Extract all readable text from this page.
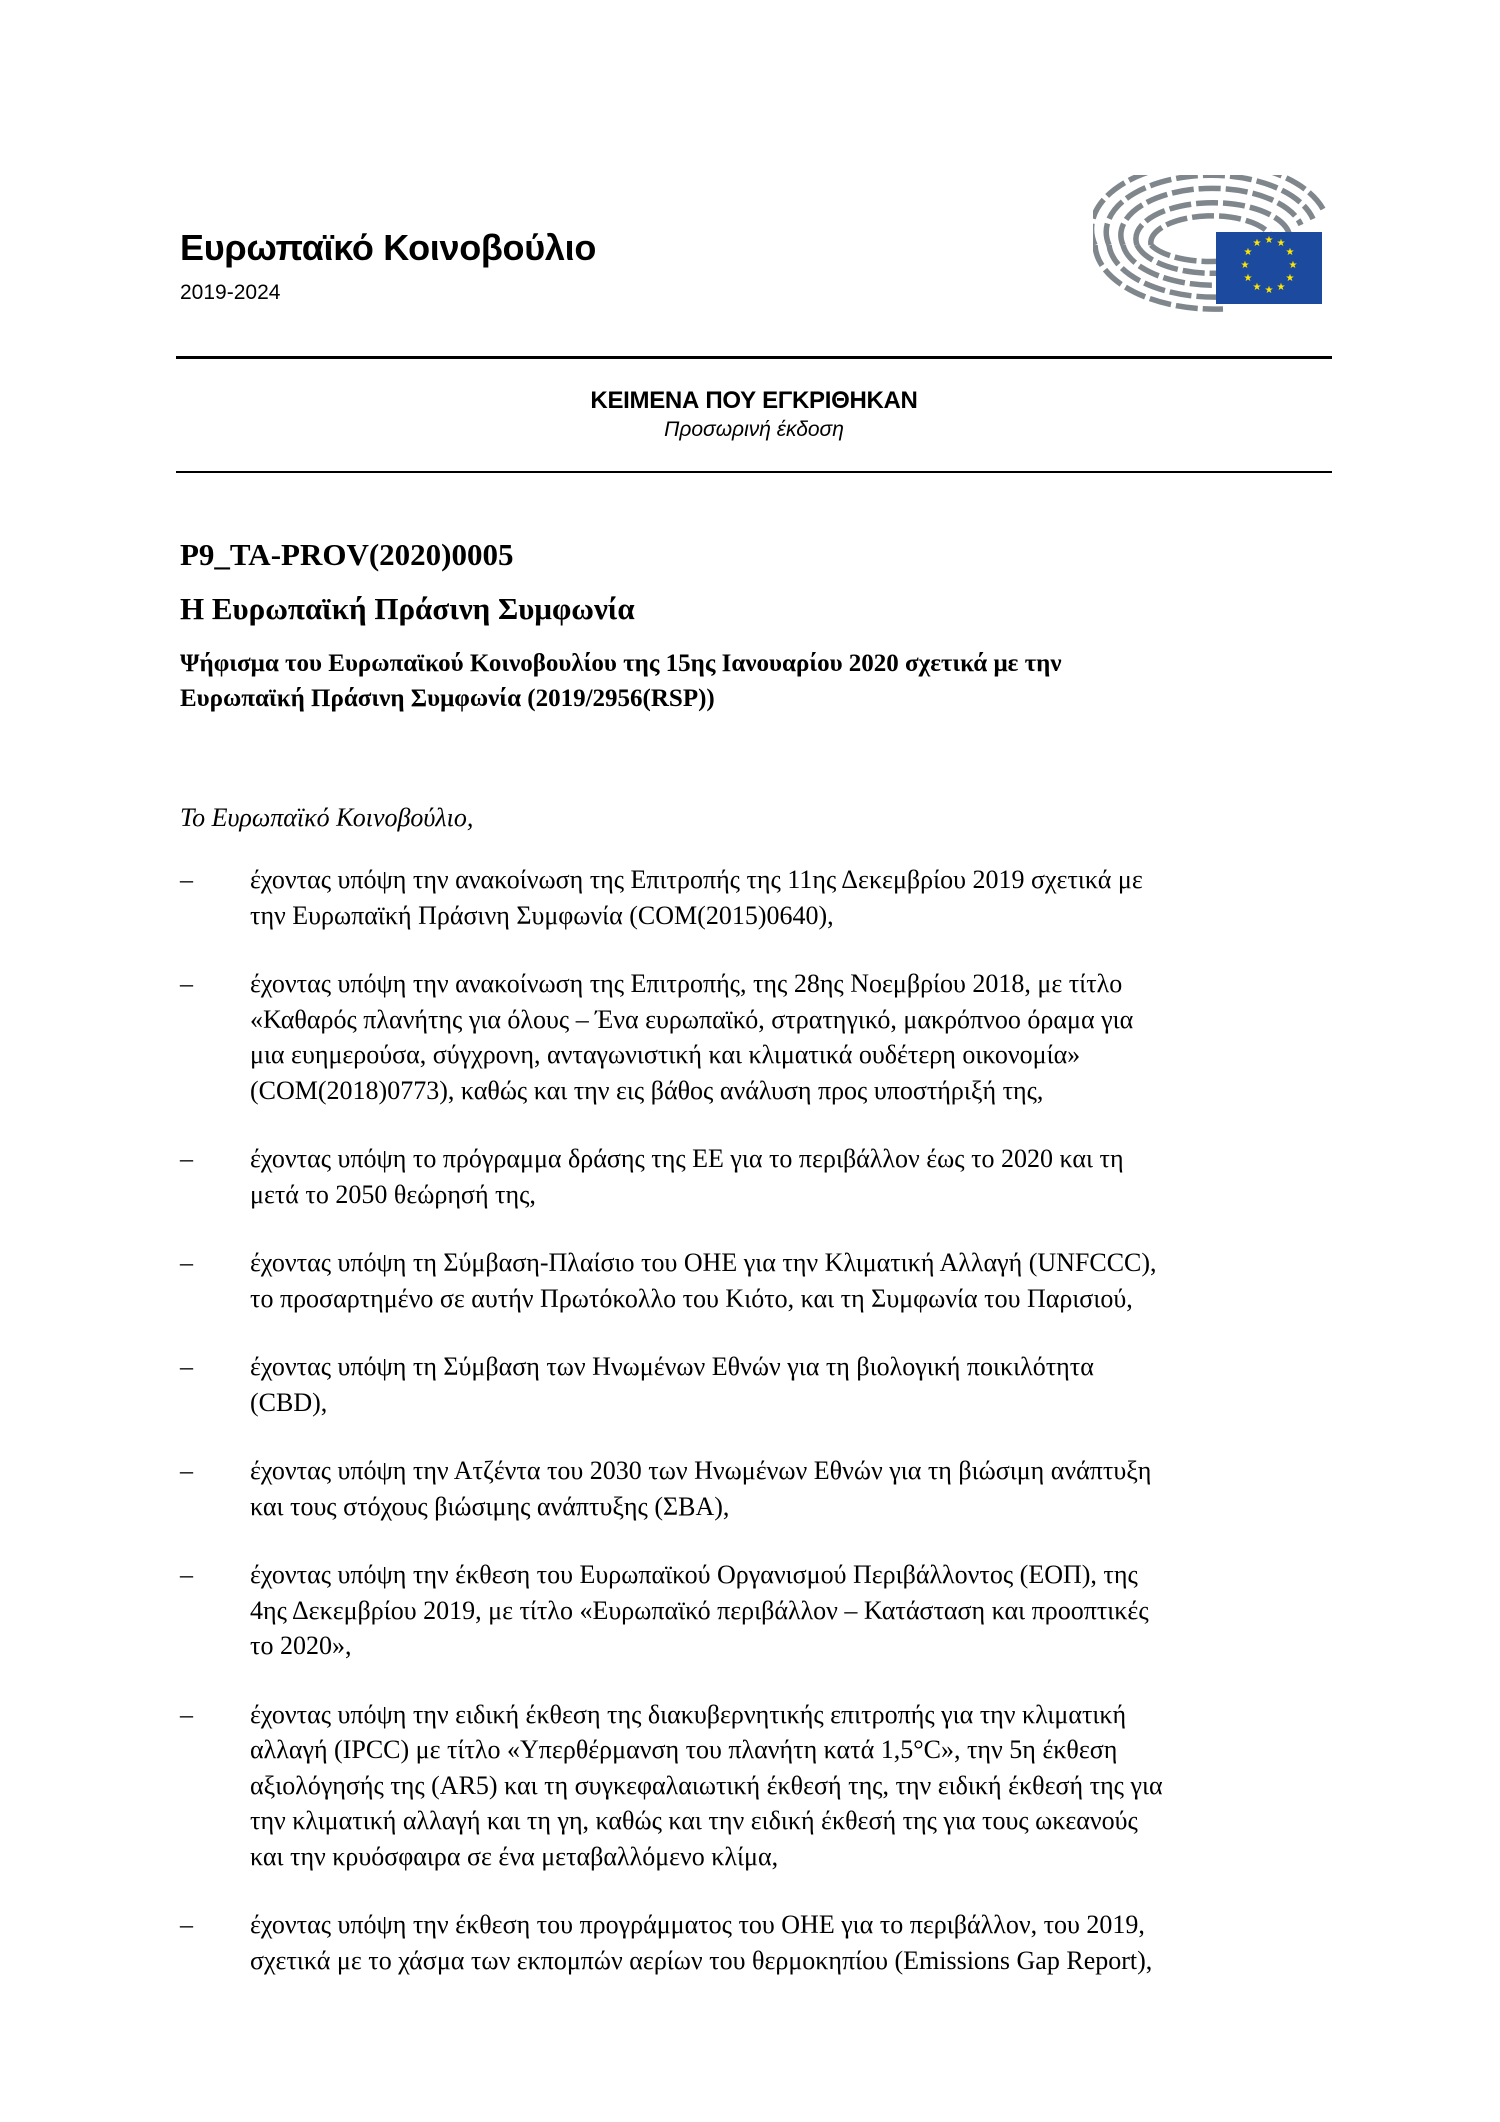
Ευρωπαϊκό Κοινοβούλιο
2019-2024
★ ★
★
★
★
★
★
★
★
★
★
★
ΚΕΙΜΕΝΑ ΠΟΥ ΕΓΚΡΙΘΗΚΑΝ
Προσωρινή έκδοση
P9_TA-PROV(2020)0005
Η Ευρωπαϊκή Πράσινη Συμφωνία
Ψήφισμα του Ευρωπαϊκού Κοινοβουλίου της 15ης Ιανουαρίου 2020 σχετικά με την
Ευρωπαϊκή Πράσινη Συμφωνία (2019/2956(RSP))
Το Ευρωπαϊκό Κοινοβούλιο,
–	έχοντας υπόψη την ανακοίνωση της Επιτροπής της 11ης Δεκεμβρίου 2019 σχετικά με
την Ευρωπαϊκή Πράσινη Συμφωνία (COM(2015)0640),
–	έχοντας υπόψη την ανακοίνωση της Επιτροπής, της 28ης Νοεμβρίου 2018, με τίτλο
«Καθαρός πλανήτης για όλους – Ένα ευρωπαϊκό, στρατηγικό, μακρόπνοο όραμα για
μια ευημερούσα, σύγχρονη, ανταγωνιστική και κλιματικά ουδέτερη οικονομία»
(COM(2018)0773), καθώς και την εις βάθος ανάλυση προς υποστήριξή της,
–	έχοντας υπόψη το πρόγραμμα δράσης της ΕΕ για το περιβάλλον έως το 2020 και τη
μετά το 2050 θεώρησή της,
–	έχοντας υπόψη τη Σύμβαση-Πλαίσιο του ΟΗΕ για την Κλιματική Αλλαγή (UNFCCC),
το προσαρτημένο σε αυτήν Πρωτόκολλο του Κιότο, και τη Συμφωνία του Παρισιού,
–	έχοντας υπόψη τη Σύμβαση των Ηνωμένων Εθνών για τη βιολογική ποικιλότητα
(CBD),
–	έχοντας υπόψη την Ατζέντα του 2030 των Ηνωμένων Εθνών για τη βιώσιμη ανάπτυξη
και τους στόχους βιώσιμης ανάπτυξης (ΣΒΑ),
–	έχοντας υπόψη την έκθεση του Ευρωπαϊκού Οργανισμού Περιβάλλοντος (ΕΟΠ), της
4ης Δεκεμβρίου 2019, με τίτλο «Ευρωπαϊκό περιβάλλον – Κατάσταση και προοπτικές
το 2020»,
–	έχοντας υπόψη την ειδική έκθεση της διακυβερνητικής επιτροπής για την κλιματική
αλλαγή (IPCC) με τίτλο «Υπερθέρμανση του πλανήτη κατά 1,5°C», την 5η έκθεση
αξιολόγησής της (AR5) και τη συγκεφαλαιωτική έκθεσή της, την ειδική έκθεσή της για
την κλιματική αλλαγή και τη γη, καθώς και την ειδική έκθεσή της για τους ωκεανούς
και την κρυόσφαιρα σε ένα μεταβαλλόμενο κλίμα,
–	έχοντας υπόψη την έκθεση του προγράμματος του ΟΗΕ για το περιβάλλον, του 2019,
σχετικά με το χάσμα των εκπομπών αερίων του θερμοκηπίου (Emissions Gap Report),
